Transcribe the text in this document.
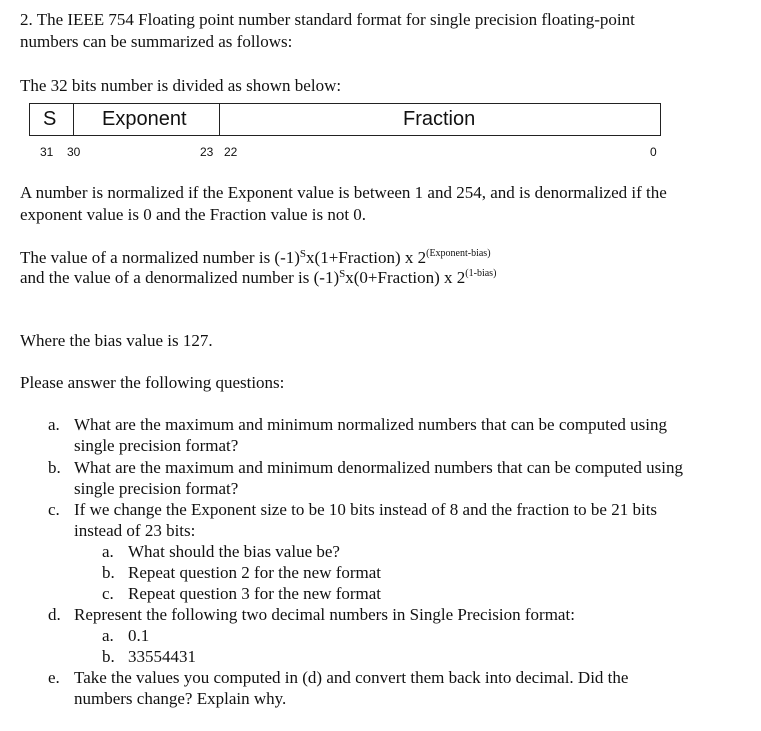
2. The IEEE 754 Floating point number standard format for single precision floating-point
numbers can be summarized as follows:
The 32 bits number is divided as shown below:
S Exponent	Fraction
31 30	23 22	0
A number is normalized if the Exponent value is between 1 and 254, and is denormalized if the
exponent value is 0 and the Fraction value is not 0.
The value of a normalized number is $(-1)^Sx(1+Fraction)$ x $2^{(Exponent-bias)}$
and the value of a denormalized number is $(-1)^Sx(0+Fraction)$ x $2^{(1-bias)}$
Where the bias value is 127.
Please answer the following questions:
a. What are the maximum and minimum normalized numbers that can be computed using
single precision format?
b. What are the maximum and minimum denormalized numbers that can be computed using
single precision format?
c. If we change the Exponent size to be 10 bits instead of 8 and the fraction to be 21 bits
instead of 23 bits:
a. What should the bias value be?
b. Repeat question 2 for the new format
c. Repeat question 3 for the new format
d. Represent the following two decimal numbers in Single Precision format:
a. 0.1
b. 33554431
e. Take the values you computed in (d) and convert them back into decimal. Did the
numbers change? Explain why.
